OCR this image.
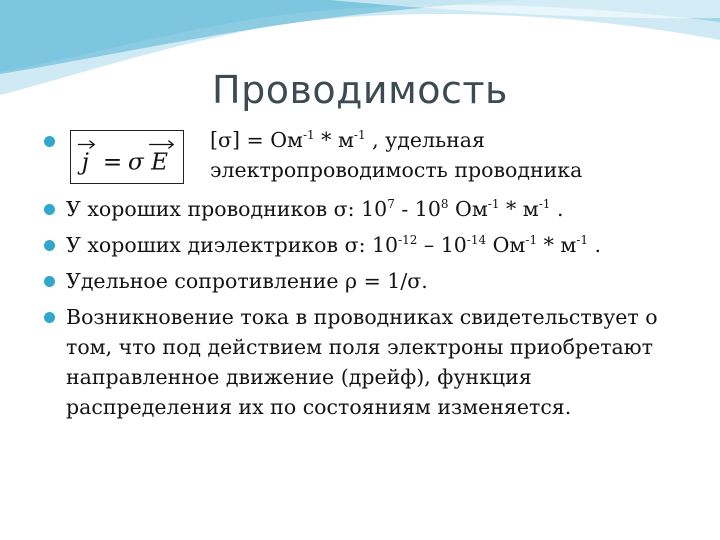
Проводимость
j = σ E
$[\sigma] = Ом^{-1} * м^{-1}$ , удельная
электропроводимость проводника
У хороших проводников σ: $10^7 - 10^8$ $Ом^{-1} * м^{-1}$ .
У хороших диэлектриков σ: $10^{-12} - 10^{-14}$ $Ом^{-1} * м^{-1}$ .
Удельное сопротивление ρ = 1/σ.
Возникновение тока в проводниках свидетельствует о том, что под действием поля электроны приобретают направленное движение (дрейф), функция распределения их по состояниям изменяется.
